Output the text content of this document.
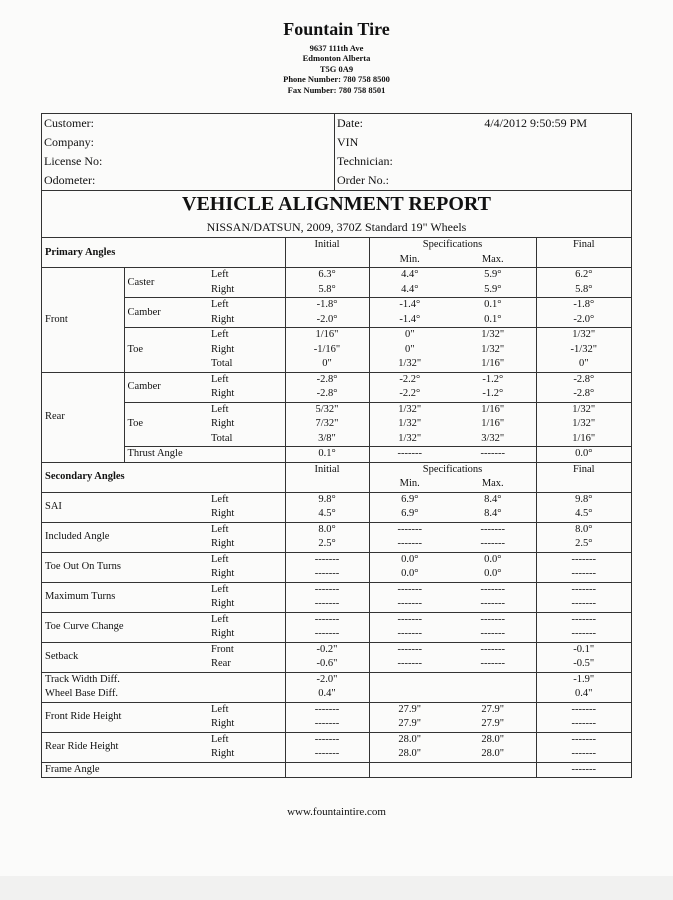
Fountain Tire
9637 111th Ave
Edmonton Alberta
T5G 0A9
Phone Number: 780 758 8500
Fax Number: 780 758 8501
Customer:
Company:
License No:
Odometer:
Date:	4/4/2012 9:50:59 PM
VIN
Technician:
Order No.:
VEHICLE ALIGNMENT REPORT
NISSAN/DATSUN, 2009, 370Z Standard 19" Wheels
Primary Angles			Initial	Specifications		Final
				Min.	Max.	
Front	Caster	Left	6.3°	4.4°	5.9°	6.2°
		Right	5.8°	4.4°	5.9°	5.8°
	Camber	Left	-1.8°	-1.4°	0.1°	-1.8°
		Right	-2.0°	-1.4°	0.1°	-2.0°
	Toe	Left	1/16"	0"	1/32"	1/32"
		Right	-1/16"	0"	1/32"	-1/32"
		Total	0"	1/32"	1/16"	0"
Rear	Camber	Left	-2.8°	-2.2°	-1.2°	-2.8°
		Right	-2.8°	-2.2°	-1.2°	-2.8°
	Toe	Left	5/32"	1/32"	1/16"	1/32"
		Right	7/32"	1/32"	1/16"	1/32"
		Total	3/8"	1/32"	3/32"	1/16"
	Thrust Angle		0.1°	-------	-------	0.0°
Secondary Angles			Initial	Specifications		Final
				Min.	Max.	
SAI		Left	9.8°	6.9°	8.4°	9.8°
		Right	4.5°	6.9°	8.4°	4.5°
Included Angle		Left	8.0°	-------	-------	8.0°
		Right	2.5°	-------	-------	2.5°
Toe Out On Turns		Left	-------	0.0°	0.0°	-------
		Right	-------	0.0°	0.0°	-------
Maximum Turns		Left	-------	-------	-------	-------
		Right	-------	-------	-------	-------
Toe Curve Change		Left	-------	-------	-------	-------
		Right	-------	-------	-------	-------
Setback		Front	-0.2"	-------	-------	-0.1"
		Rear	-0.6"	-------	-------	-0.5"
Track Width Diff.			-2.0"			-1.9"
Wheel Base Diff.			0.4"			0.4"
Front Ride Height		Left	-------	27.9"	27.9"	-------
		Right	-------	27.9"	27.9"	-------
Rear Ride Height		Left	-------	28.0"	28.0"	-------
		Right	-------	28.0"	28.0"	-------
Frame Angle						-------
www.fountaintire.com
